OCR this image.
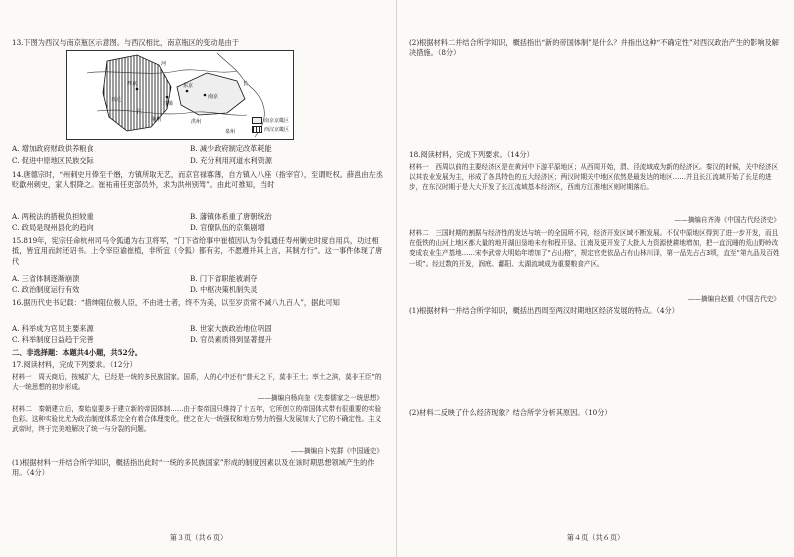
13.下图为西汉与南京瓶区示意图。与西汉相比，南京瓶区的变动是由于
河
江
长
南京
东京
西京
汴梁
兴元
荆州	洪州
泉州
南京京畿区
西汉京畿区
A. 增加政府财政供养粮食	B. 减少政府制定改革耗能
C. 促进中原地区民族交际	D. 充分利用河道水利资源
14.唐德宗时，“州刺史月俸至千缗，方镇所取无艺，而京官禄寡薄，自方镇入八座（指宰官），至谓贬权。薛邕由左丞贬歙州刺史，家人恨降之。崔祐甫任吏部员外，求为洪州别驾”。由此可推知，当时
A. 两税法的措税负担较重	B. 藩镇体系重了唐朝统治
C. 政局是现州县化的趋向	D. 官僚队伍的京集剧增
15.819年，宪宗任命杭州司马令狐通为右卫将军，“门下省给事中崔植因认为令狐通任寿州剿史时度自用兵，功过相抵，皆宜用而封还诏书。上令宰臣谕崔植，非所宜（令狐）都有劣，不愿遵并其上言，其制方行”。这一事件体现了唐代
A. 三省体制逐渐崩溃	B. 门下省职能被剥夺
C. 政治制度运行有效	D. 中枢决策机制失灵
16.据历代史书记载：“措绅阻位极人臣，不由进士者，终不为美，以至岁贡常不减八九百人”，据此可知
A. 科举成为官员主要来源	B. 世家大族政治地位巩固
C. 科举制度日益趋于完善	D. 官员素质得到显著提升
二、非选择题：本题共4小题，共52分。
17.阅读材料，完成下列要求。（12分）
材料一　周天商后，按城扩大，已经是一统的多民族国家。国系，人的心中还有“普天之下，莫非王土；率土之滨，莫非王臣”的大一统思想的初步形成。
——摘编自杨向奎《先秦儒家之一统思想》
材料二　秦朝建立后，秦始皇要多于建立新的帝国体制……由于秦帝国只维持了十五年，它所创立的帝国体式带有很重要的实验色彩。这种实验比尤为政治制度体系完全有着合体理变化，使之在大一统强权和地方势力的强大发展加大了它的不确定性。主义武帝时，终于完美地解决了统一与分裂的问题。
——摘编自卜宪群《中国通史》
(1)根据材料一并结合所学知识，概括指出此时“一统的多民族国家”形成的制度因素以及在该时期思想领域产生的作用。（4分）
第３页（共６页）
(2)根据材料二并结合所学知识，概括指出“新的帝国体制”是什么？并指出这种“不确定性”对西汉政治产生的影响及解决措施。（8分）
18.阅读材料，完成下列要求。（14分）
材料一　西周以前的主要经济区是在黄河中下游平原地区；从西周开始，渭、泾流域成为新的经济区。秦汉的时候，关中经济区以其农业发展为主，形成了各具特色的五大经济区；两汉时期关中地区依然是最发达的地区……并且长江流域开始了长足的进步，在东汉时期于是大大开发了长江流域基本经济区，西南方江淮地区则时期落后。
——摘编自齐涛《中国古代经济史》
材料二　三国时期的割据与经济性的发达与统一的全国所不同，经济开发区域不断发展。不仅中原地区得到了进一步开发，而且在低铁的山河上地区都大量的地开湖田垦地未有和程开垦。江南及更开发了大批人力资源使耕地增加，把一直沉睡的荒山野岭改变成农业生产基地……宋李武帝大明始年增加了“占山格”，规定官吏依品占有山林川泽，第一品先占占3顷，直至“第九品及百姓一顷”。经过数的开发，润庭、鄱阳、太湖流域成为重要粮食产区。
——摘编自赵毅《中国古代史》
(1)根据材料一并结合所学知识，概括出西周至两汉时期地区经济发展的特点。（4分）
(2)材料二反映了什么经济现象？结合所学分析其原因。（10分）
第４页（共６页）
